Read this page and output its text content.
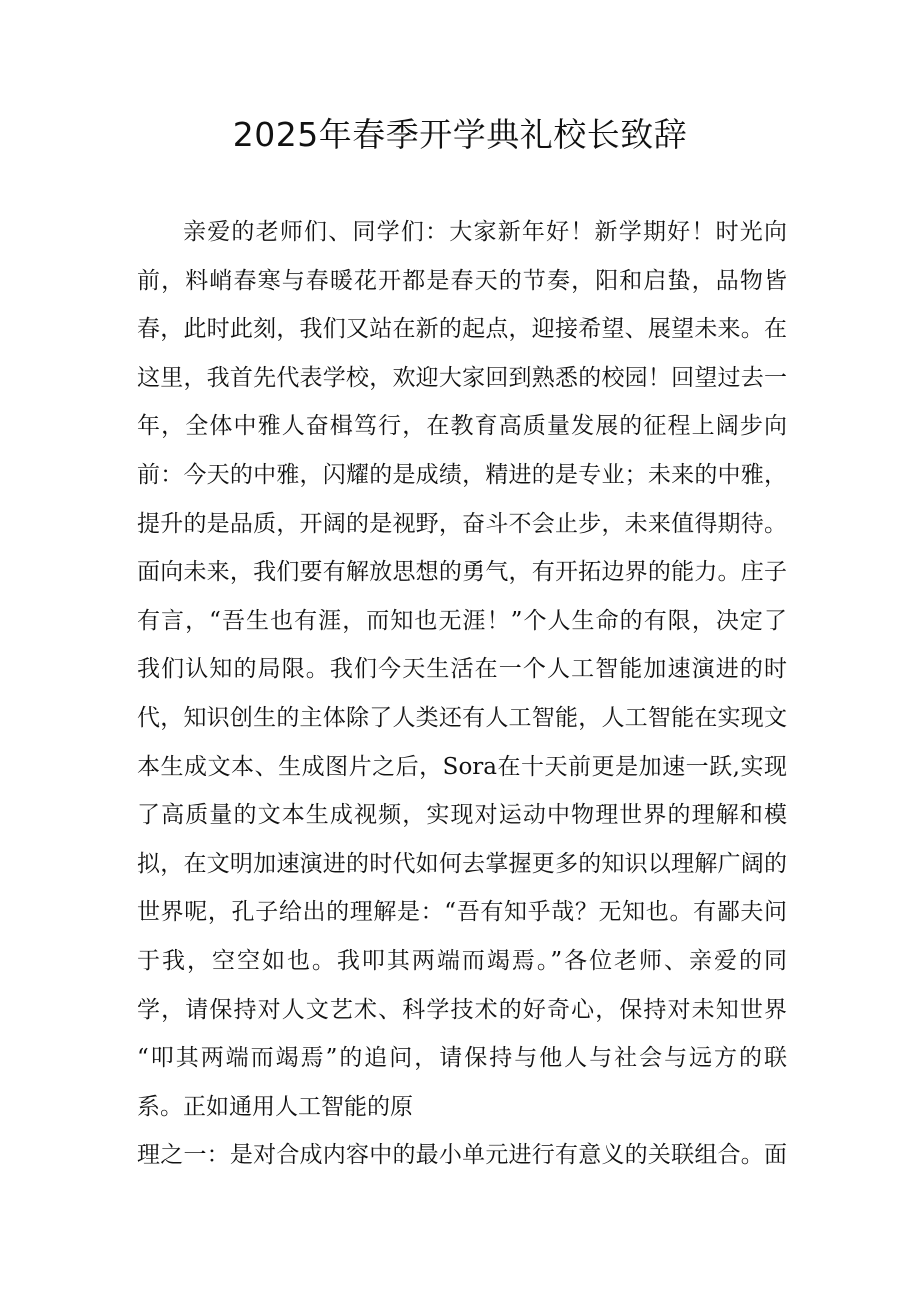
2025年春季开学典礼校长致辞
亲爱的老师们、同学们：大家新年好！新学期好！时光向
前，料峭春寒与春暖花开都是春天的节奏，阳和启蛰，品物皆
春，此时此刻，我们又站在新的起点，迎接希望、展望未来。在
这里，我首先代表学校，欢迎大家回到熟悉的校园！回望过去一
年，全体中雅人奋楫笃行，在教育高质量发展的征程上阔步向
前：今天的中雅，闪耀的是成绩，精进的是专业；未来的中雅，
提升的是品质，开阔的是视野，奋斗不会止步，未来值得期待。
面向未来，我们要有解放思想的勇气，有开拓边界的能力。庄子
有言，“吾生也有涯，而知也无涯！”个人生命的有限，决定了
我们认知的局限。我们今天生活在一个人工智能加速演进的时
代，知识创生的主体除了人类还有人工智能，人工智能在实现文
本生成文本、生成图片之后，Sora在十天前更是加速一跃,实现
了高质量的文本生成视频，实现对运动中物理世界的理解和模
拟，在文明加速演进的时代如何去掌握更多的知识以理解广阔的
世界呢，孔子给出的理解是：“吾有知乎哉？无知也。有鄙夫问
于我，空空如也。我叩其两端而竭焉。”各位老师、亲爱的同
学，请保持对人文艺术、科学技术的好奇心，保持对未知世界
“叩其两端而竭焉”的追问，请保持与他人与社会与远方的联
系。正如通用人工智能的原
理之一：是对合成内容中的最小单元进行有意义的关联组合。面
